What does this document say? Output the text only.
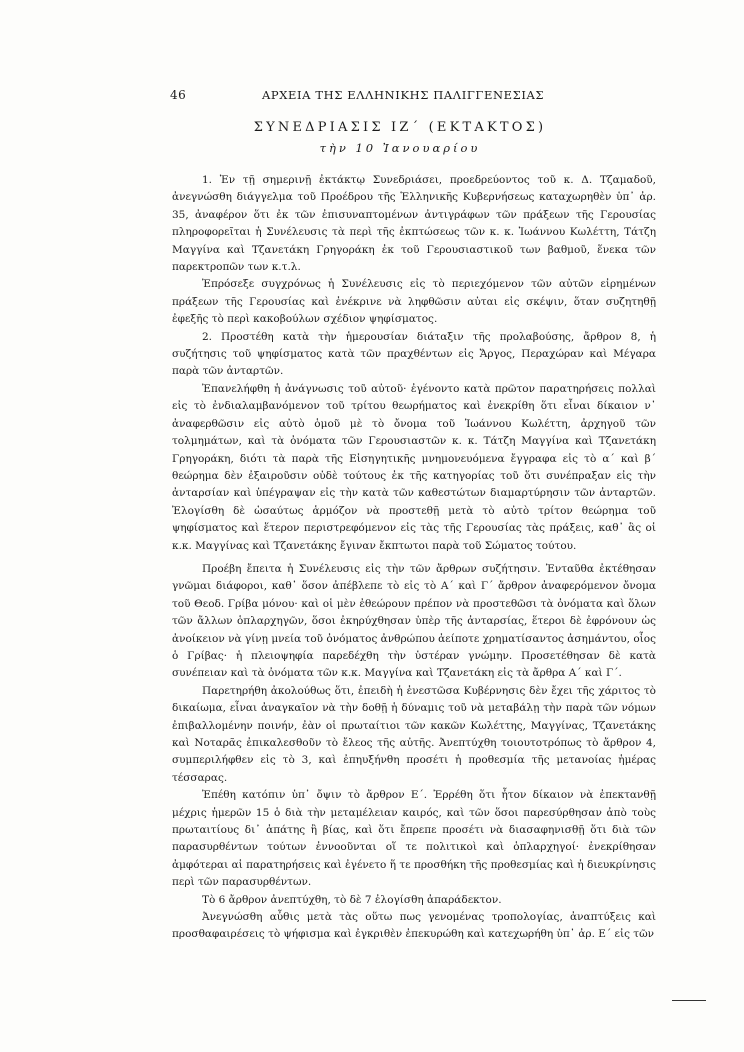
46	ΑΡΧΕΙΑ ΤΗΣ ΕΛΛΗΝΙΚΗΣ ΠΑΛΙΓΓΕΝΕΣΙΑΣ
ΣΥΝΕΔΡΙΑΣΙΣ ΙΖ΄ (ΕΚΤΑΚΤΟΣ)
τὴν 10 Ἰανουαρίου

1. Ἐν τῇ σημερινῇ ἐκτάκτῳ Συνεδριάσει, προεδρεύοντος τοῦ κ. Δ. Τζαμαδοῦ, ἀνεγνώσθη διάγγελμα τοῦ Προέδρου τῆς Ἑλληνικῆς Κυβερνήσεως καταχωρηθὲν ὑπ᾽ ἀρ. 35, ἀναφέρον ὅτι ἐκ τῶν ἐπισυναπτομένων ἀντιγράφων τῶν πράξεων τῆς Γερουσίας πληροφορεῖται ἡ Συνέλευσις τὰ περὶ τῆς ἐκπτώσεως τῶν κ. κ. Ἰωάννου Κωλέττη, Τάτζη Μαγγίνα καὶ Τζανετάκη Γρηγοράκη ἐκ τοῦ Γερουσιαστικοῦ των βαθμοῦ, ἕνεκα τῶν παρεκτροπῶν των κ.τ.λ.

Ἐπρόσεξε συγχρόνως ἡ Συνέλευσις εἰς τὸ περιεχόμενον τῶν αὐτῶν εἰρημένων πράξεων τῆς Γερουσίας καὶ ἐνέκρινε νὰ ληφθῶσιν αὐται εἰς σκέψιν, ὅταν συζητηθῇ ἐφεξῆς τὸ περὶ κακοβούλων σχέδιον ψηφίσματος.

2. Προστέθη κατὰ τὴν ἡμερουσίαν διάταξιν τῆς προλαβούσης, ἄρθρον 8, ἡ συζήτησις τοῦ ψηφίσματος κατὰ τῶν πραχθέντων εἰς Ἄργος, Περαχώραν καὶ Μέγαρα παρὰ τῶν ἀνταρτῶν.

Ἐπανελήφθη ἡ ἀνάγνωσις τοῦ αὐτοῦ· ἐγένοντο κατὰ πρῶτον παρατηρήσεις πολλαὶ εἰς τὸ ἐνδιαλαμβανόμενον τοῦ τρίτου θεωρήματος καὶ ἐνεκρίθη ὅτι εἶναι δίκαιον ν᾽ ἀναφερθῶσιν εἰς αὐτὸ ὁμοῦ μὲ τὸ ὄνομα τοῦ Ἰωάννου Κωλέττη, ἀρχηγοῦ τῶν τολμημάτων, καὶ τὰ ὀνόματα τῶν Γερουσιαστῶν κ. κ. Τάτζη Μαγγίνα καὶ Τζανετάκη Γρηγοράκη, διότι τὰ παρὰ τῆς Εἰσηγητικῆς μνημονευόμενα ἔγγραφα εἰς τὸ α΄ καὶ β΄ θεώρημα δὲν ἐξαιροῦσιν οὐδὲ τούτους ἐκ τῆς κατηγορίας τοῦ ὅτι συνέπραξαν εἰς τὴν ἀνταρσίαν καὶ ὑπέγραψαν εἰς τὴν κατὰ τῶν καθεστώτων διαμαρτύρησιν τῶν ἀνταρτῶν. Ἐλογίσθη δὲ ὡσαύτως ἁρμόζον νὰ προστεθῇ μετὰ τὸ αὐτὸ τρίτον θεώρημα τοῦ ψηφίσματος καὶ ἕτερον περιστρεφόμενον εἰς τὰς τῆς Γερουσίας τὰς πράξεις, καθ᾽ ἃς οἱ κ.κ. Μαγγίνας καὶ Τζανετάκης ἔγιναν ἔκπτωτοι παρὰ τοῦ Σώματος τούτου.

Προέβη ἔπειτα ἡ Συνέλευσις εἰς τὴν τῶν ἄρθρων συζήτησιν. Ἐνταῦθα ἐκτέθησαν γνῶμαι διάφοροι, καθ᾽ ὅσον ἀπέβλεπε τὸ εἰς τὸ Α΄ καὶ Γ΄ ἄρθρον ἀναφερόμενον ὄνομα τοῦ Θεοδ. Γρίβα μόνου· καὶ οἱ μὲν ἐθεώρουν πρέπον νὰ προστεθῶσι τὰ ὀνόματα καὶ ὅλων τῶν ἄλλων ὁπλαρχηγῶν, ὅσοι ἐκηρύχθησαν ὑπὲρ τῆς ἀνταρσίας, ἕτεροι δὲ ἐφρόνουν ὡς ἀνοίκειον νὰ γίνῃ μνεία τοῦ ὀνόματος ἀνθρώπου ἀείποτε χρηματίσαντος ἀσημάντου, οἷος ὁ Γρίβας· ἡ πλειοψηφία παρεδέχθη τὴν ὑστέραν γνώμην. Προσετέθησαν δὲ κατὰ συνέπειαν καὶ τὰ ὀνόματα τῶν κ.κ. Μαγγίνα καὶ Τζανετάκη εἰς τὰ ἄρθρα Α΄ καὶ Γ΄.

Παρετηρήθη ἀκολούθως ὅτι, ἐπειδὴ ἡ ἐνεστῶσα Κυβέρνησις δὲν ἔχει τῆς χάριτος τὸ δικαίωμα, εἶναι ἀναγκαῖον νὰ τὴν δοθῇ ἡ δύναμις τοῦ νὰ μεταβάλῃ τὴν παρὰ τῶν νόμων ἐπιβαλλομένην ποινήν, ἐὰν οἱ πρωταίτιοι τῶν κακῶν Κωλέττης, Μαγγίνας, Τζανετάκης καὶ Νοταρᾶς ἐπικαλεσθοῦν τὸ ἔλεος τῆς αὐτῆς. Ἀνεπτύχθη τοιουτοτρόπως τὸ ἄρθρον 4, συμπεριλήφθεν εἰς τὸ 3, καὶ ἐπηυξήνθη προσέτι ἡ προθεσμία τῆς μετανοίας ἡμέρας τέσσαρας.

Ἐπέθη κατόπιν ὑπ᾽ ὄψιν τὸ ἄρθρον Ε΄. Ἐρρέθη ὅτι ἦτον δίκαιον νὰ ἐπεκτανθῇ μέχρις ἡμερῶν 15 ὁ διὰ τὴν μεταμέλειαν καιρός, καὶ τῶν ὅσοι παρεσύρθησαν ἀπὸ τοὺς πρωταιτίους δι᾽ ἀπάτης ἢ βίας, καὶ ὅτι ἔπρεπε προσέτι νὰ διασαφηνισθῇ ὅτι διὰ τῶν παρασυρθέντων τούτων ἐννοοῦνται οἵ τε πολιτικοὶ καὶ ὁπλαρχηγοί· ἐνεκρίθησαν ἀμφότεραι αἱ παρατηρήσεις καὶ ἐγένετο ἥ τε προσθήκη τῆς προθεσμίας καὶ ἡ διευκρίνησις περὶ τῶν παρασυρθέντων.

Τὸ 6 ἄρθρον ἀνεπτύχθη, τὸ δὲ 7 ἐλογίσθη ἀπαράδεκτον.

Ἀνεγνώσθη αὖθις μετὰ τὰς οὕτω πως γενομένας τροπολογίας, ἀναπτύξεις καὶ προσθαφαιρέσεις τὸ ψήφισμα καὶ ἐγκριθὲν ἐπεκυρώθη καὶ κατεχωρήθη ὑπ᾽ ἀρ. Ε΄ εἰς τῶν
